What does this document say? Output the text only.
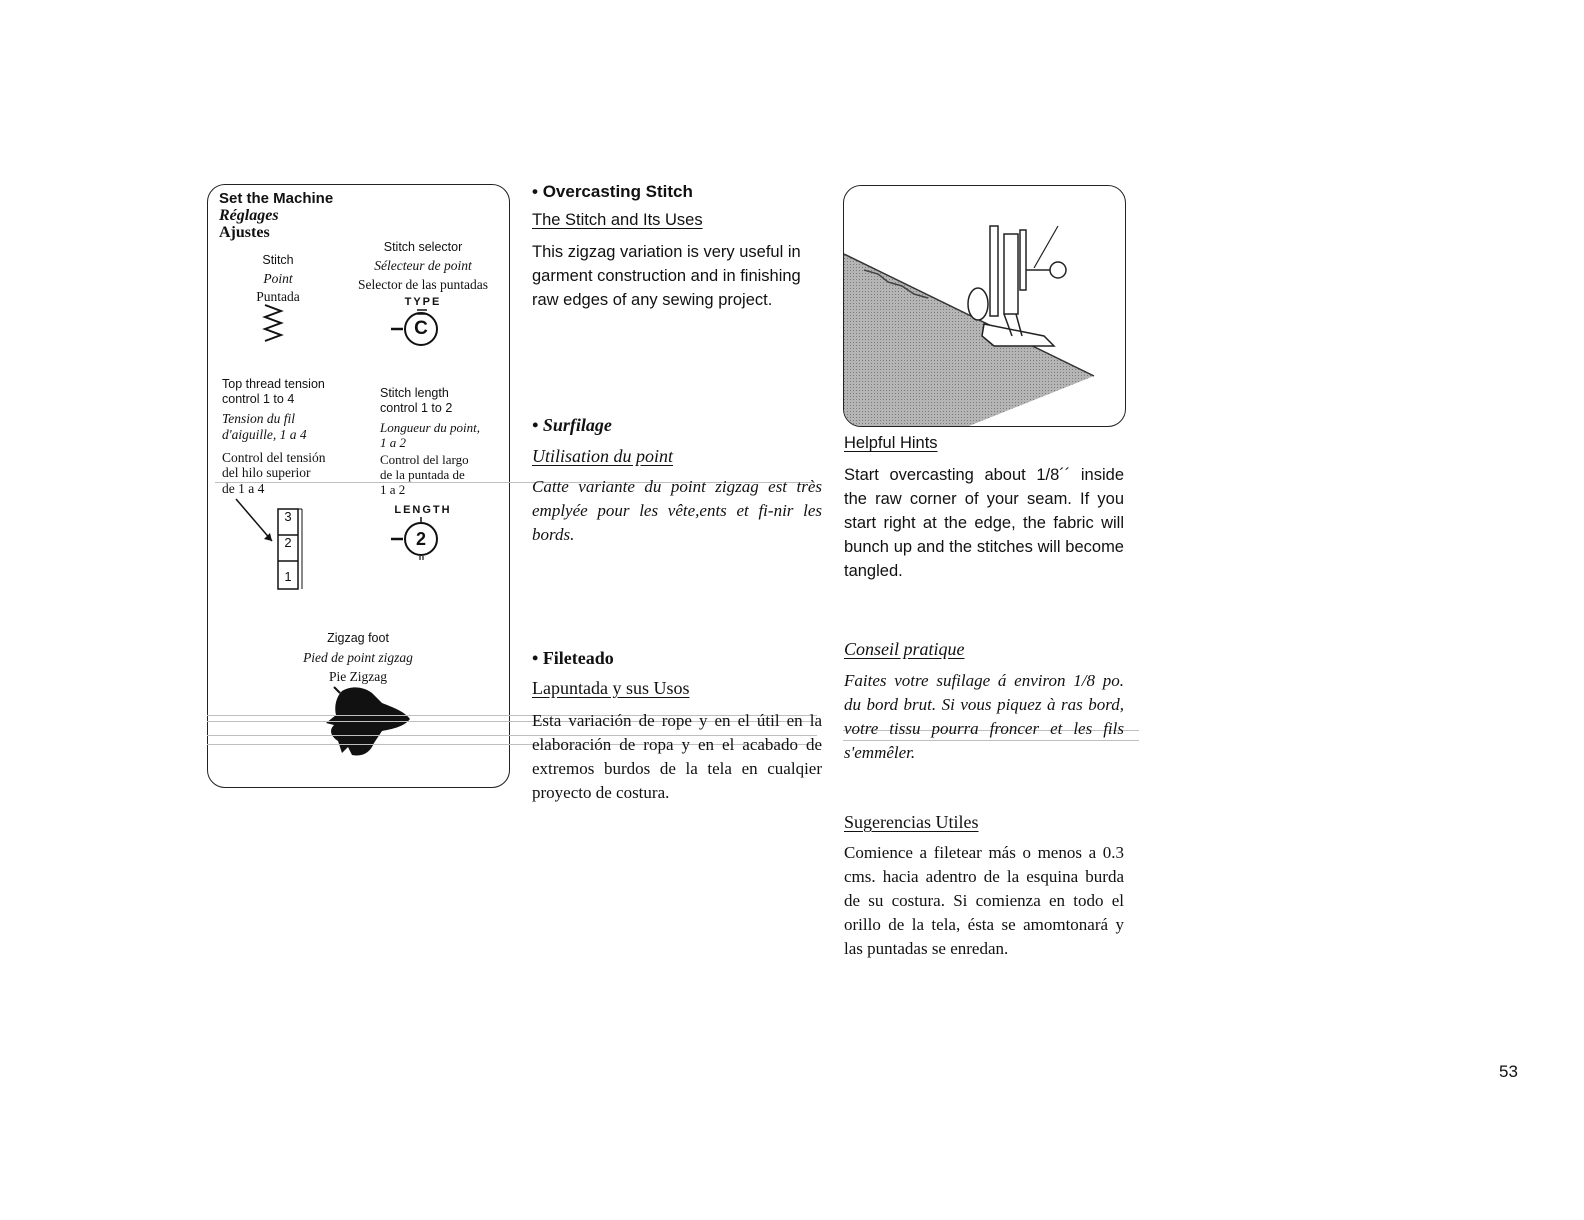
Set the Machine
Réglages
Ajustes
Stitch
Point
Puntada
Stitch selector
Sélecteur de point
Selector de las puntadas
TYPE
C
Top thread tension
control 1 to 4
Tension du fil
d'aiguille, 1 a 4
Control del tensión
del hilo superior
de 1 a 4
3
2
1
Stitch length
control 1 to 2
Longueur du point,
1 a 2
Control del largo
de la puntada de
1 a 2
LENGTH
2
Zigzag foot
Pied de point zigzag
Pie Zigzag
• Overcasting Stitch
The Stitch and Its Uses
This zigzag variation is very useful in garment construction and in finishing raw edges of any sewing project.
• Surfilage
Utilisation du point
Catte variante du point zigzag est très emplyée pour les vête,ents et fi-nir les bords.
• Fileteado
Lapuntada y sus Usos
Esta variación de rope y en el útil en la elaboración de ropa y en el acabado de extremos burdos de la tela en cualqier proyecto de costura.
Helpful Hints
Start overcasting about 1/8´´ inside the raw corner of your seam. If you start right at the edge, the fabric will bunch up and the stitches will become tangled.
Conseil pratique
Faites votre sufilage á environ 1/8 po. du bord brut. Si vous piquez à ras bord, votre tissu pourra froncer et les fils s'emmêler.
Sugerencias Utiles
Comience a filetear más o menos a 0.3 cms. hacia adentro de la esquina burda de su costura. Si comienza en todo el orillo de la tela, ésta se amomtonará y las puntadas se enredan.
53
